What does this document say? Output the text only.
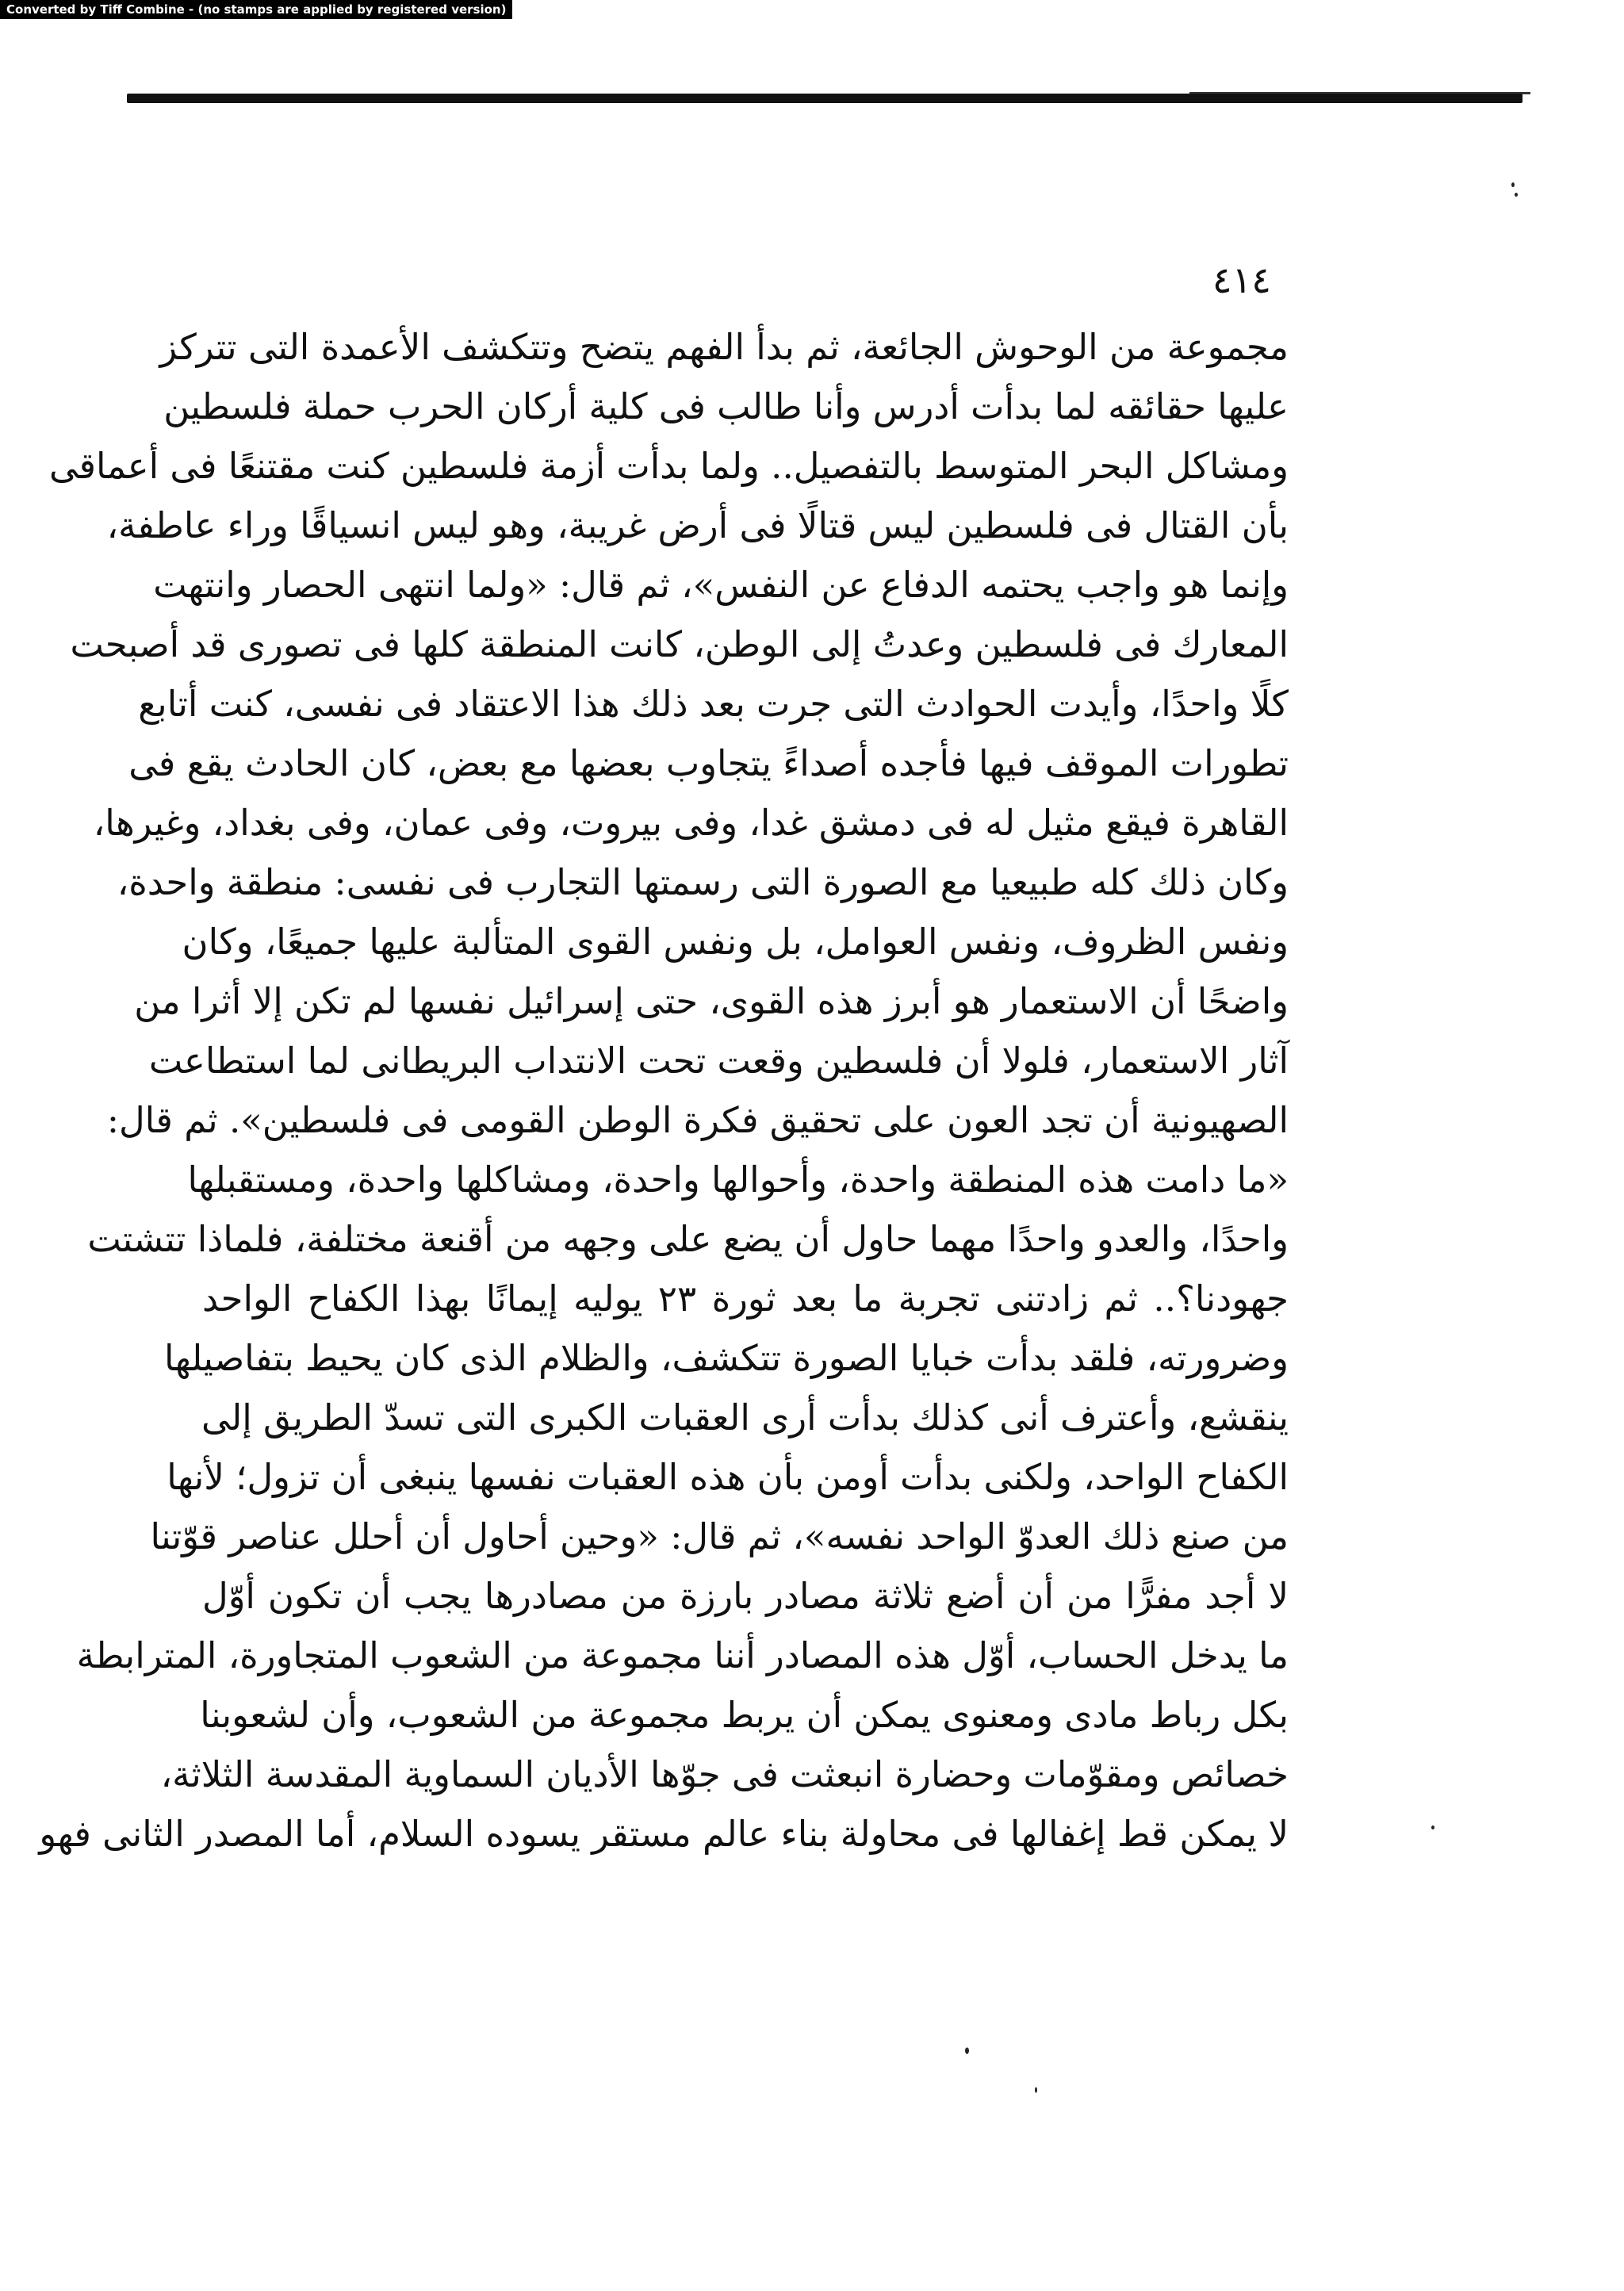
Converted by Tiff Combine - (no stamps are applied by registered version)
٤١٤
مجموعة من الوحوش الجائعة، ثم بدأ الفهم يتضح وتتكشف الأعمدة التى تتركز
عليها حقائقه لما بدأت أدرس وأنا طالب فى كلية أركان الحرب حملة فلسطين
ومشاكل البحر المتوسط بالتفصيل.. ولما بدأت أزمة فلسطين كنت مقتنعًا فى أعماقى
بأن القتال فى فلسطين ليس قتالًا فى أرض غريبة، وهو ليس انسياقًا وراء عاطفة،
وإنما هو واجب يحتمه الدفاع عن النفس»، ثم قال: «ولما انتهى الحصار وانتهت
المعارك فى فلسطين وعدتُ إلى الوطن، كانت المنطقة كلها فى تصورى قد أصبحت
كلًا واحدًا، وأيدت الحوادث التى جرت بعد ذلك هذا الاعتقاد فى نفسى، كنت أتابع
تطورات الموقف فيها فأجده أصداءً يتجاوب بعضها مع بعض، كان الحادث يقع فى
القاهرة فيقع مثيل له فى دمشق غدا، وفى بيروت، وفى عمان، وفى بغداد، وغيرها،
وكان ذلك كله طبيعيا مع الصورة التى رسمتها التجارب فى نفسى: منطقة واحدة،
ونفس الظروف، ونفس العوامل، بل ونفس القوى المتألبة عليها جميعًا، وكان
واضحًا أن الاستعمار هو أبرز هذه القوى، حتى إسرائيل نفسها لم تكن إلا أثرا من
آثار الاستعمار، فلولا أن فلسطين وقعت تحت الانتداب البريطانى لما استطاعت
الصهيونية أن تجد العون على تحقيق فكرة الوطن القومى فى فلسطين». ثم قال:
«ما دامت هذه المنطقة واحدة، وأحوالها واحدة، ومشاكلها واحدة، ومستقبلها
واحدًا، والعدو واحدًا مهما حاول أن يضع على وجهه من أقنعة مختلفة، فلماذا تتشتت
جهودنا؟.. ثم زادتنى تجربة ما بعد ثورة ٢٣ يوليه إيمانًا بهذا الكفاح الواحد
وضرورته، فلقد بدأت خبايا الصورة تتكشف، والظلام الذى كان يحيط بتفاصيلها
ينقشع، وأعترف أنى كذلك بدأت أرى العقبات الكبرى التى تسدّ الطريق إلى
الكفاح الواحد، ولكنى بدأت أومن بأن هذه العقبات نفسها ينبغى أن تزول؛ لأنها
من صنع ذلك العدوّ الواحد نفسه»، ثم قال: «وحين أحاول أن أحلل عناصر قوّتنا
لا أجد مفرًّا من أن أضع ثلاثة مصادر بارزة من مصادرها يجب أن تكون أوّل
ما يدخل الحساب، أوّل هذه المصادر أننا مجموعة من الشعوب المتجاورة، المترابطة
بكل رباط مادى ومعنوى يمكن أن يربط مجموعة من الشعوب، وأن لشعوبنا
خصائص ومقوّمات وحضارة انبعثت فى جوّها الأديان السماوية المقدسة الثلاثة،
لا يمكن قط إغفالها فى محاولة بناء عالم مستقر يسوده السلام، أما المصدر الثانى فهو
